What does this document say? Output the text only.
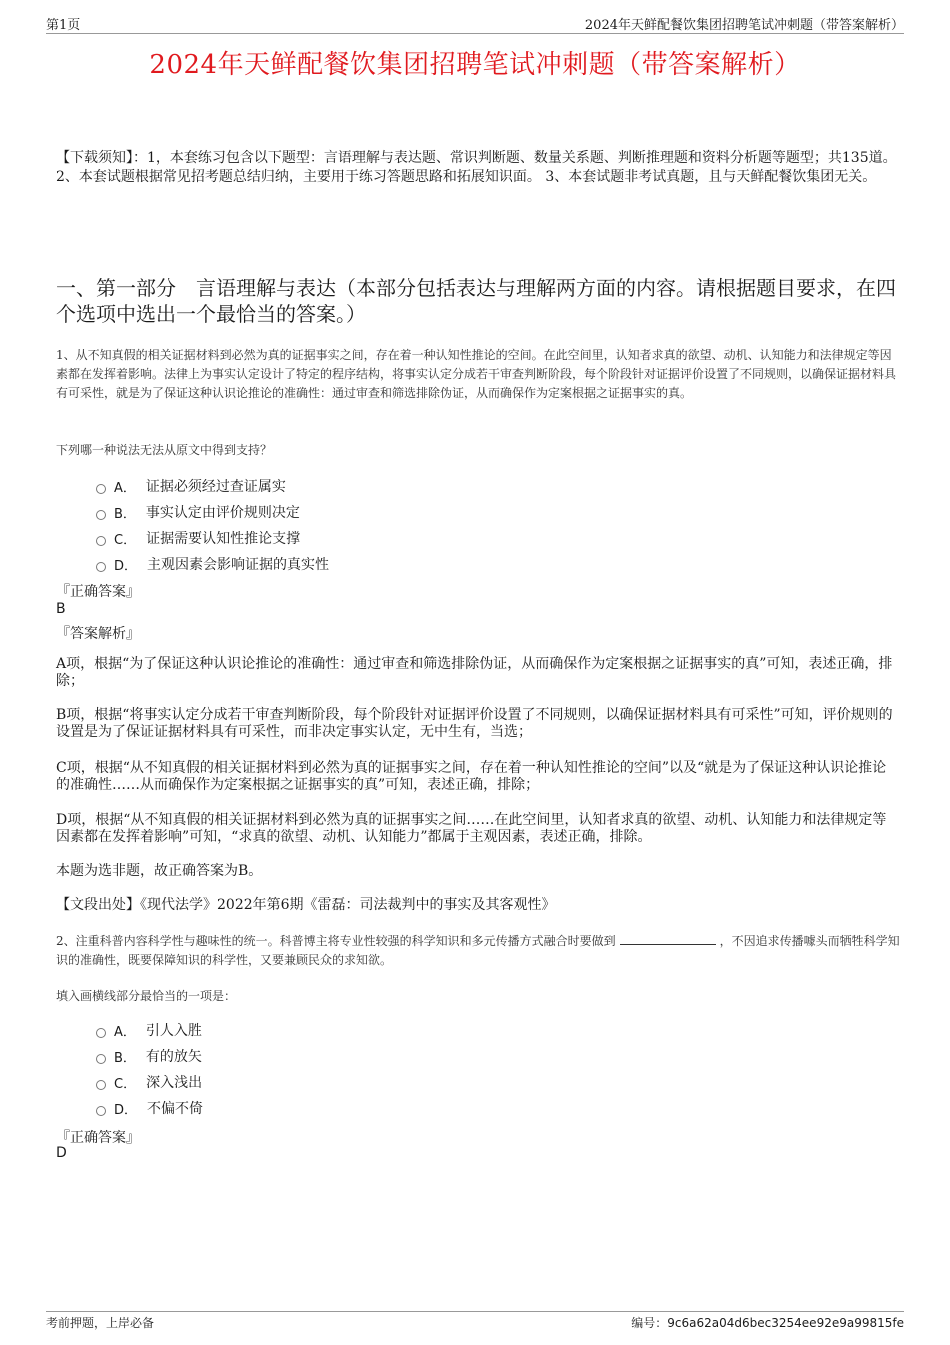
第1页	2024年天鲜配餐饮集团招聘笔试冲刺题（带答案解析）
2024年天鲜配餐饮集团招聘笔试冲刺题（带答案解析）
【下载须知】：1，本套练习包含以下题型：言语理解与表达题、常识判断题、数量关系题、判断推理题和资料分析题等题型；共135道。 2、本套试题根据常见招考题总结归纳，主要用于练习答题思路和拓展知识面。 3、本套试题非考试真题，且与天鲜配餐饮集团无关。
一、第一部分　言语理解与表达（本部分包括表达与理解两方面的内容。请根据题目要求，在四个选项中选出一个最恰当的答案。）
1、从不知真假的相关证据材料到必然为真的证据事实之间，存在着一种认知性推论的空间。在此空间里，认知者求真的欲望、动机、认知能力和法律规定等因素都在发挥着影响。法律上为事实认定设计了特定的程序结构，将事实认定分成若干审查判断阶段，每个阶段针对证据评价设置了不同规则，以确保证据材料具有可采性，就是为了保证这种认识论推论的准确性：通过审查和筛选排除伪证，从而确保作为定案根据之证据事实的真。
下列哪一种说法无法从原文中得到支持？
A． 证据必须经过查证属实
B． 事实认定由评价规则决定
C． 证据需要认知性推论支撑
D． 主观因素会影响证据的真实性
『正确答案』
B
『答案解析』
A项，根据“为了保证这种认识论推论的准确性：通过审查和筛选排除伪证，从而确保作为定案根据之证据事实的真”可知，表述正确，排除；
B项，根据“将事实认定分成若干审查判断阶段，每个阶段针对证据评价设置了不同规则，以确保证据材料具有可采性”可知，评价规则的设置是为了保证证据材料具有可采性，而非决定事实认定，无中生有，当选；
C项，根据“从不知真假的相关证据材料到必然为真的证据事实之间，存在着一种认知性推论的空间”以及“就是为了保证这种认识论推论的准确性……从而确保作为定案根据之证据事实的真”可知，表述正确，排除；
D项，根据“从不知真假的相关证据材料到必然为真的证据事实之间……在此空间里，认知者求真的欲望、动机、认知能力和法律规定等因素都在发挥着影响”可知，“求真的欲望、动机、认知能力”都属于主观因素，表述正确，排除。
本题为选非题，故正确答案为B。
【文段出处】《现代法学》2022年第6期《雷磊：司法裁判中的事实及其客观性》
2、注重科普内容科学性与趣味性的统一。科普博主将专业性较强的科学知识和多元传播方式融合时要做到	，不因追求传播噱头而牺牲科学知识的准确性，既要保障知识的科学性，又要兼顾民众的求知欲。
填入画横线部分最恰当的一项是：
A． 引人入胜
B． 有的放矢
C． 深入浅出
D． 不偏不倚
『正确答案』
D
考前押题，上岸必备	编号：9c6a62a04d6bec3254ee92e9a99815fe
